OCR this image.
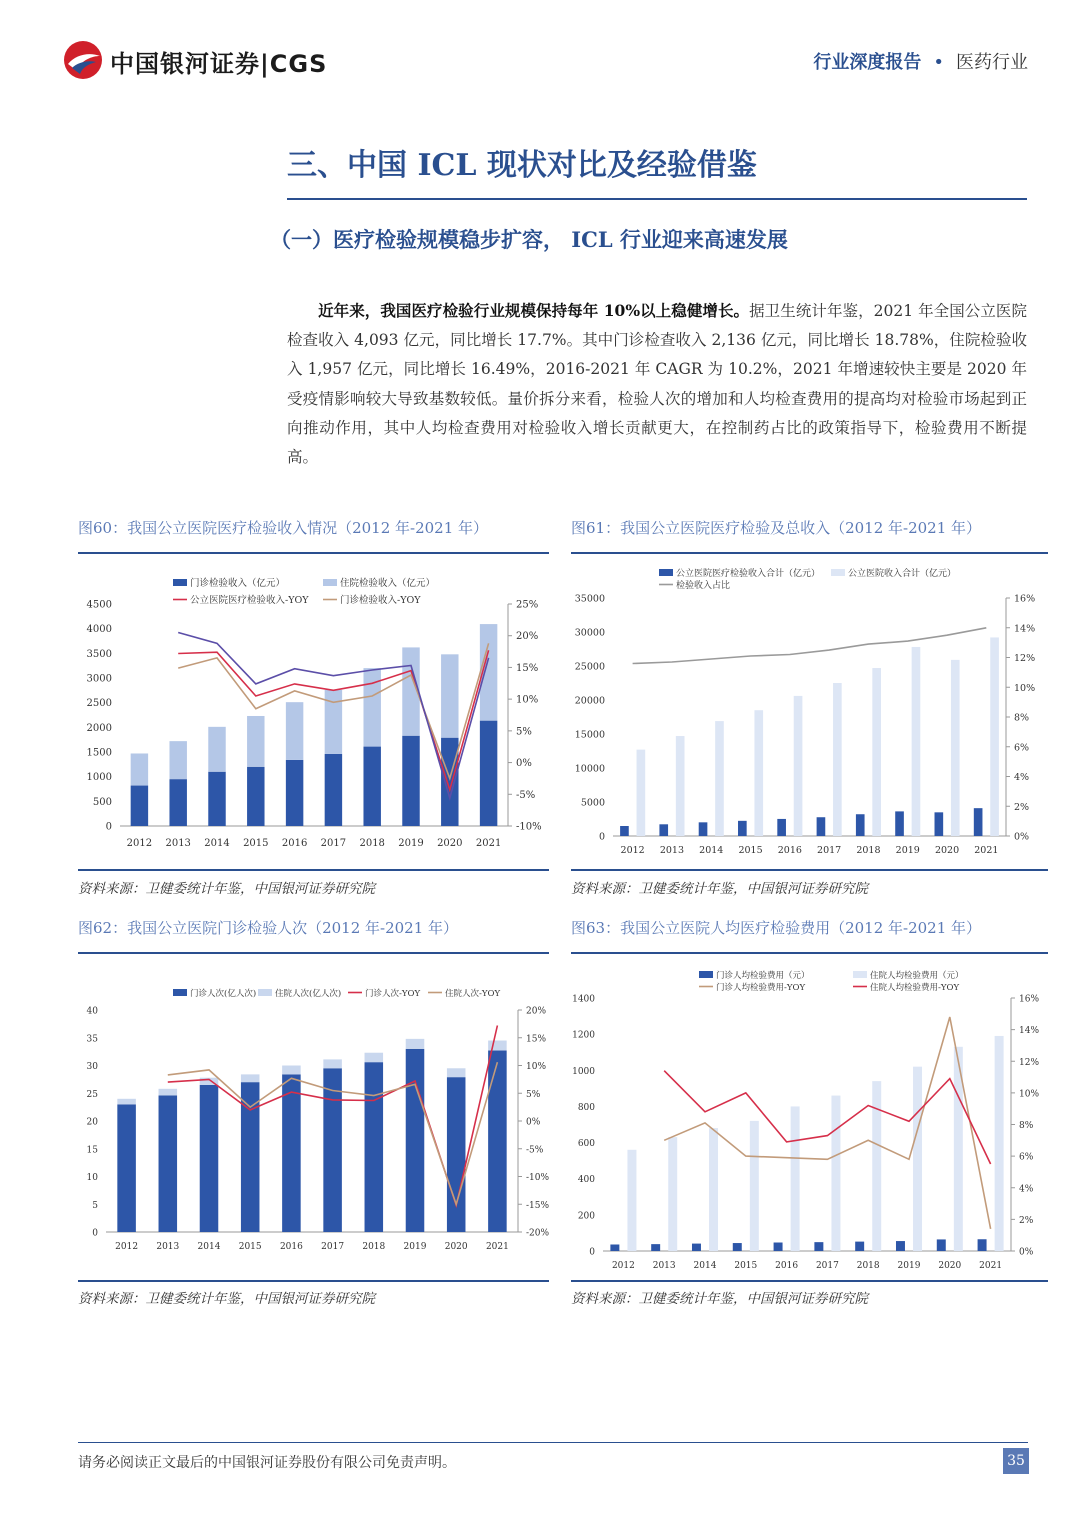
中国银河证券|CGS	行业深度报告 • 医药行业
三、中国 ICL 现状对比及经验借鉴
（一）医疗检验规模稳步扩容， ICL 行业迎来高速发展
近年来，我国医疗检验行业规模保持每年 10%以上稳健增长。据卫生统计年鉴，2021 年全国公立医院检查收入 4,093 亿元，同比增长 17.7%。其中门诊检查收入 2,136 亿元，同比增长 18.78%，住院检验收入 1,957 亿元，同比增长 16.49%，2016-2021 年 CAGR 为 10.2%，2021 年增速较快主要是 2020 年受疫情影响较大导致基数较低。量价拆分来看，检验人次的增加和人均检查费用的提高均对检验市场起到正向推动作用，其中人均检查费用对检验收入增长贡献更大，在控制药占比的政策指导下，检验费用不断提高。
图60：我国公立医院医疗检验收入情况（2012 年-2021 年）	图61：我国公立医院医疗检验及总收入（2012 年-2021 年）
资料来源：卫健委统计年鉴，中国银河证券研究院	资料来源：卫健委统计年鉴，中国银河证券研究院
图62：我国公立医院门诊检验人次（2012 年-2021 年）	图63：我国公立医院人均医疗检验费用（2012 年-2021 年）
资料来源：卫健委统计年鉴，中国银河证券研究院	资料来源：卫健委统计年鉴，中国银河证券研究院
0
500
1000
1500
2000
2500
3000
3500
4000
4500
-10%
-5%
0%
5%
10%
15%
20%
25%
2012 2013 2014 2015 2016 2017 2018 2019 2020 2021
门诊检验收入（亿元）	住院检验收入（亿元）
公立医院医疗检验收入-YOY	门诊检验收入-YOY
0
5000
10000
15000
20000
25000
30000
35000
0%
2%
4%
6%
8%
10%
12%
14%
16%
2012 2013 2014 2015 2016 2017 2018 2019 2020 2021
公立医院医疗检验收入合计（亿元）	公立医院收入合计（亿元）
检验收入占比
0
5
10
15
20
25
30
35
40
-20%
-15%
-10%
-5%
0%
5%
10%
15%
20%
2012 2013 2014 2015 2016 2017 2018 2019 2020 2021
门诊人次(亿人次) 住院人次(亿人次)	门诊人次-YOY	住院人次-YOY
0
200
400
600
800
1000
1200
1400
0%
2%
4%
6%
8%
10%
12%
14%
16%
2012 2013 2014 2015 2016 2017 2018 2019 2020 2021
门诊人均检验费用（元）	住院人均检验费用（元）
门诊人均检验费用-YOY	住院人均检验费用-YOY
请务必阅读正文最后的中国银河证券股份有限公司免责声明。	35
